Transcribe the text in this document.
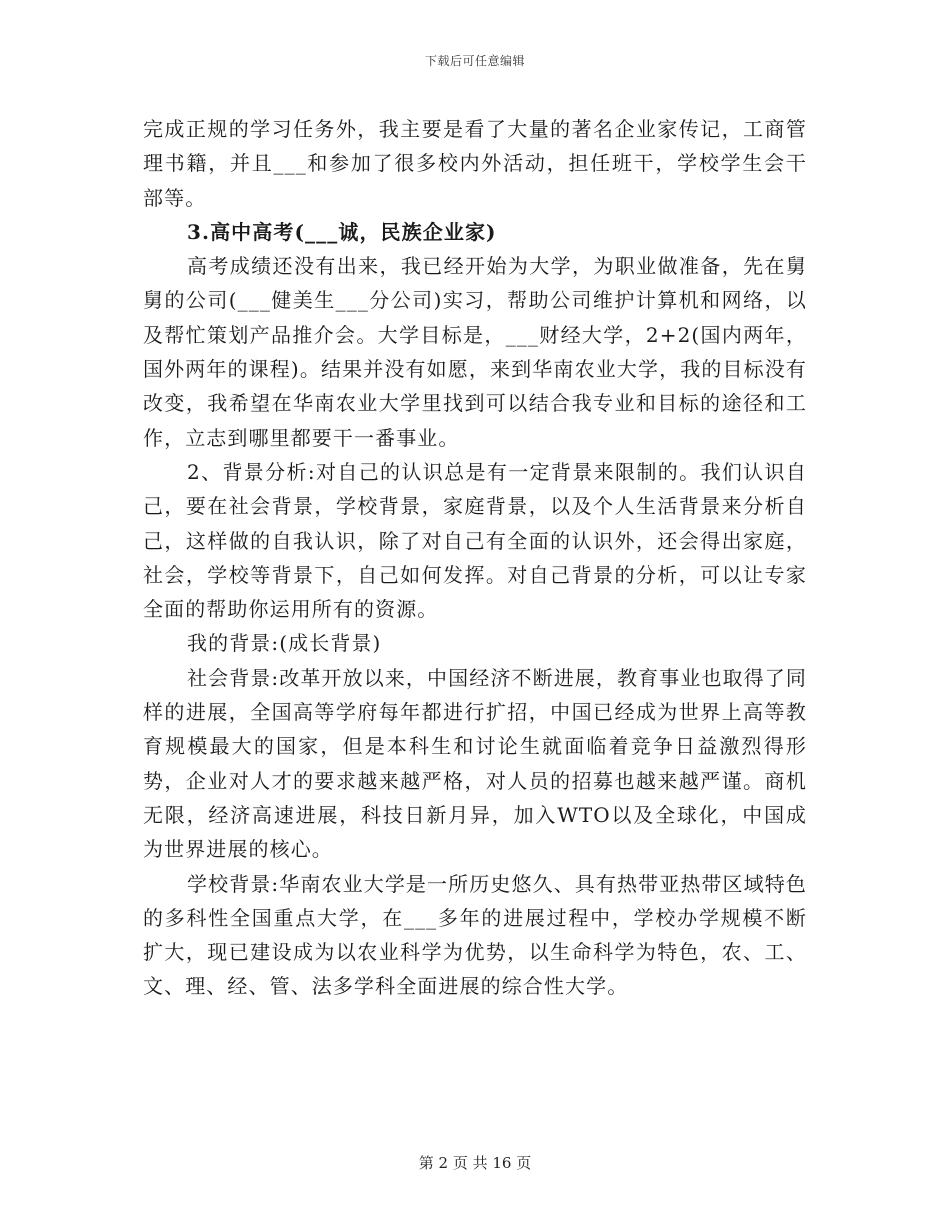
下载后可任意编辑

完成正规的学习任务外，我主要是看了大量的著名企业家传记，工商管理书籍，并且___和参加了很多校内外活动，担任班干，学校学生会干部等。

3.高中高考(___诚，民族企业家)

高考成绩还没有出来，我已经开始为大学，为职业做准备，先在舅舅的公司(___健美生___分公司)实习，帮助公司维护计算机和网络，以及帮忙策划产品推介会。大学目标是，___财经大学，2+2(国内两年，国外两年的课程)。结果并没有如愿，来到华南农业大学，我的目标没有改变，我希望在华南农业大学里找到可以结合我专业和目标的途径和工作，立志到哪里都要干一番事业。

2、背景分析:对自己的认识总是有一定背景来限制的。我们认识自己，要在社会背景，学校背景，家庭背景，以及个人生活背景来分析自己，这样做的自我认识，除了对自己有全面的认识外，还会得出家庭，社会，学校等背景下，自己如何发挥。对自己背景的分析，可以让专家全面的帮助你运用所有的资源。

我的背景:(成长背景)

社会背景:改革开放以来，中国经济不断进展，教育事业也取得了同样的进展，全国高等学府每年都进行扩招，中国已经成为世界上高等教育规模最大的国家，但是本科生和讨论生就面临着竞争日益激烈得形势，企业对人才的要求越来越严格，对人员的招募也越来越严谨。商机无限，经济高速进展，科技日新月异，加入WTO以及全球化，中国成为世界进展的核心。

学校背景:华南农业大学是一所历史悠久、具有热带亚热带区域特色的多科性全国重点大学，在___多年的进展过程中，学校办学规模不断扩大，现已建设成为以农业科学为优势，以生命科学为特色，农、工、文、理、经、管、法多学科全面进展的综合性大学。

第 2 页 共 16 页
